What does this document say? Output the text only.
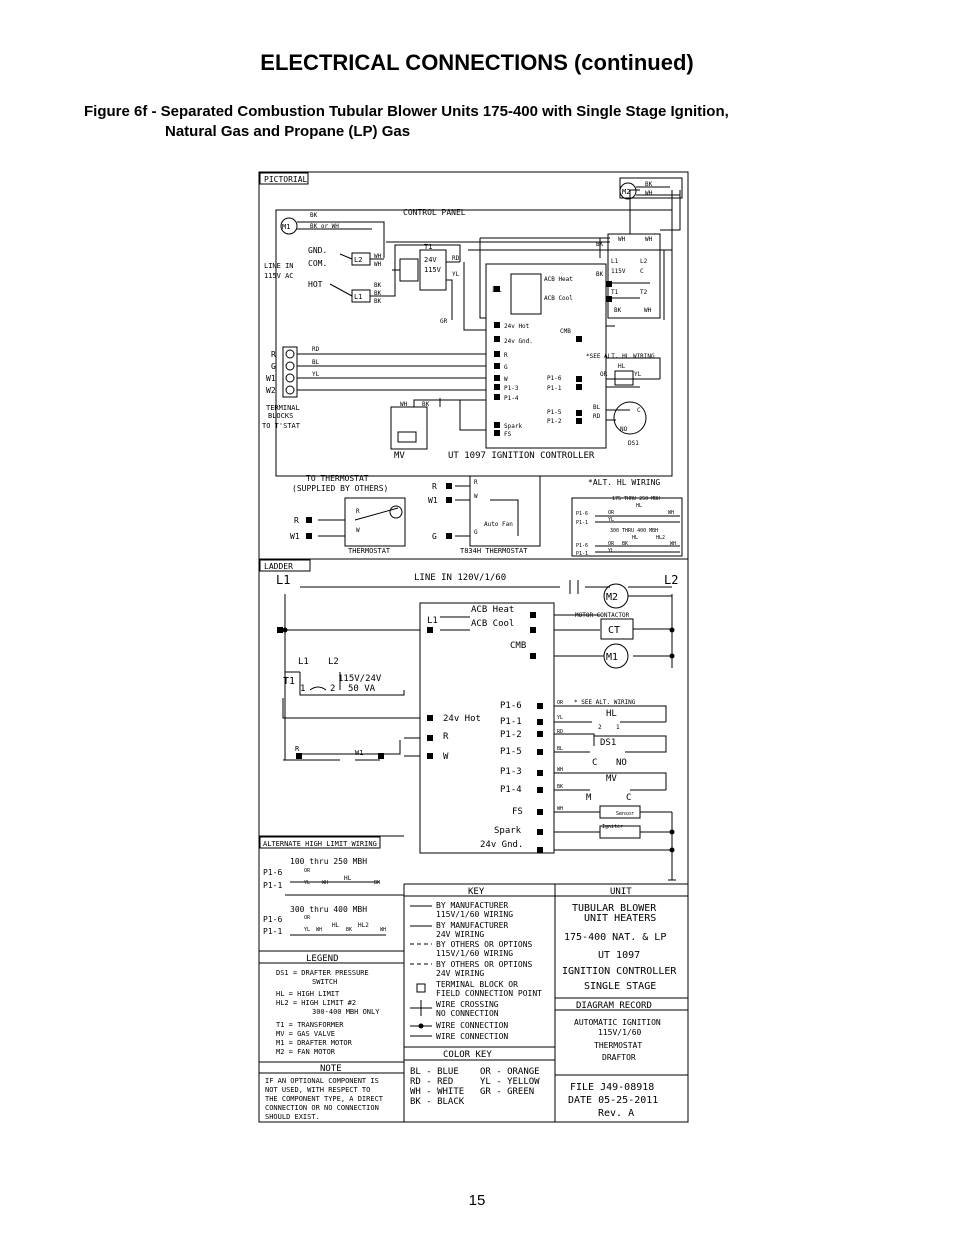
ELECTRICAL CONNECTIONS (continued)
Figure 6f - Separated Combustion Tubular Blower Units 175-400 with Single Stage Ignition,
Natural Gas and Propane (LP) Gas
PICTORIAL
CONTROL PANEL
M1
BK
BK or WH
GND.
COM.
HOT
LINE IN
115V AC
L2
L1
WH
WH
BK
BK
BK
T1
24V
115V
RD
YL
GR
L1
ACB Heat
ACB Cool
24v Hot
24v Gnd.
CMB
R
G
W
P1-3
P1-4
P1-6
P1-1
P1-5
P1-2
Spark
FS
UT 1097 IGNITION CONTROLLER
MV
WH BK
*SEE ALT. HL WIRING
HL
OR	YL
BL
RD
C
NO
DS1
M2
BK
WH
WH	WH
L1	L2
T1	T2
115V C
BK	WH
BK
BK
RD
BL
YL
R
G
W1
W2
TERMINAL
BLOCKS
TO T'STAT
TO THERMOSTAT
(SUPPLIED BY OTHERS)
R
W1
R
W
THERMOSTAT
R
W1
G
R
W
G
Auto Fan
T834H THERMOSTAT
*ALT. HL WIRING
175 THRU 250 MBH
P1-6
P1-1
OR
YL
HL
WH
300 THRU 400 MBH
P1-6
P1-1
OR
YL
BK
HL	HL2
WH
LADDER
LINE IN 120V/1/60
L1	L2
M2
MOTOR CONTACTOR
CT
L1
ACB Heat
ACB Cool
CMB
M1
L1 L2
115V/24V
T1
1	2 50 VA
24v Hot
R
W
R	W1
P1-6
P1-1
P1-2
P1-5
P1-3
P1-4
FS
Spark
24v Gnd.
OR * SEE ALT. WIRING
YL	HL
RD
2 1
BL
DS1
C NO
WH
MV
M	C
BK
WH
Sensor
Igniter
ALTERNATE HIGH LIMIT WIRING
100 thru 250 MBH
P1-6
P1-1
OR
YL
HL
BK
WH
300 thru 400 MBH
P1-6
P1-1
OR
YL
HL	HL2
WH	BK	WH
LEGEND
DS1 = DRAFTER PRESSURE
SWITCH
HL = HIGH LIMIT
HL2 = HIGH LIMIT #2
300-400 MBH ONLY
T1 = TRANSFORMER
MV = GAS VALVE
M1 = DRAFTER MOTOR
M2 = FAN MOTOR
NOTE
IF AN OPTIONAL COMPONENT IS
NOT USED, WITH RESPECT TO
THE COMPONENT TYPE, A DIRECT
CONNECTION OR NO CONNECTION
SHOULD EXIST.
KEY
BY MANUFACTURER
115V/1/60 WIRING
BY MANUFACTURER
24V WIRING
BY OTHERS OR OPTIONS
115V/1/60 WIRING
BY OTHERS OR OPTIONS
24V WIRING
TERMINAL BLOCK OR
FIELD CONNECTION POINT
WIRE CROSSING
NO CONNECTION
WIRE CONNECTION
WIRE CONNECTION
COLOR KEY
BL - BLUE
RD - RED
WH - WHITE
BK - BLACK
OR - ORANGE
YL - YELLOW
GR - GREEN
UNIT
TUBULAR BLOWER
UNIT HEATERS
175-400 NAT. & LP
UT 1097
IGNITION CONTROLLER
SINGLE STAGE
DIAGRAM RECORD
AUTOMATIC IGNITION
115V/1/60
THERMOSTAT
DRAFTOR
FILE J49-08918
DATE 05-25-2011
Rev. A
15
